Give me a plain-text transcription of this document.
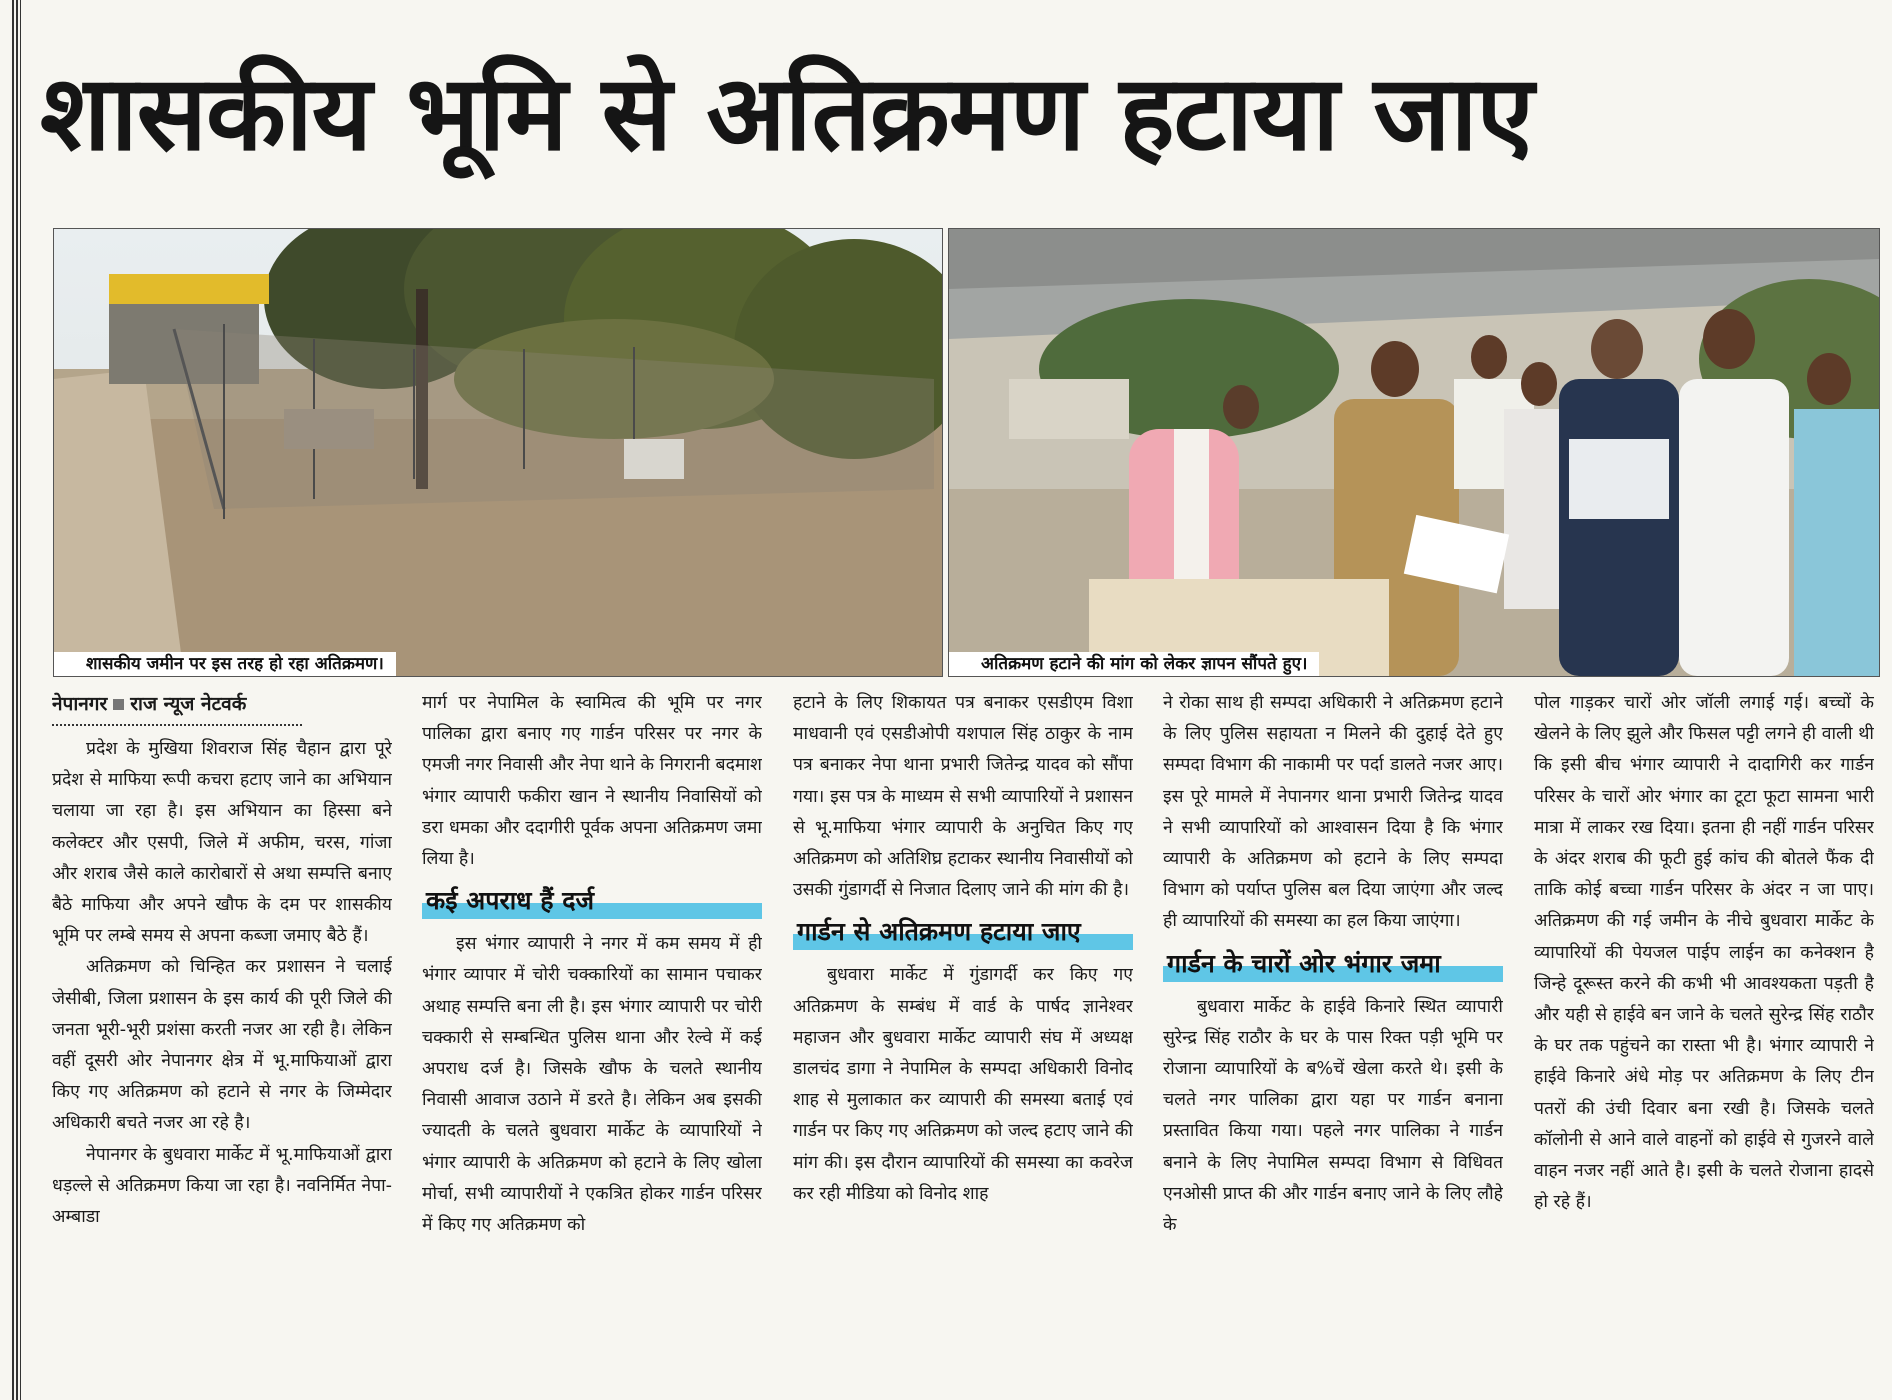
शासकीय भूमि से अतिक्रमण हटाया जाए
शासकीय जमीन पर इस तरह हो रहा अतिक्रमण।	अतिक्रमण हटाने की मांग को लेकर ज्ञापन सौंपते हुए।
नेपानगर राज न्यूज नेटवर्क

प्रदेश के मुखिया शिवराज सिंह चैहान द्वारा पूरे प्रदेश से माफिया रूपी कचरा हटाए जाने का अभियान चलाया जा रहा है। इस अभियान का हिस्सा बने कलेक्टर और एसपी, जिले में अफीम, चरस, गांजा और शराब जैसे काले कारोबारों से अथा सम्पत्ति बनाए बैठे माफिया और अपने खौफ के दम पर शासकीय भूमि पर लम्बे समय से अपना कब्जा जमाए बैठे हैं।

अतिक्रमण को चिन्हित कर प्रशासन ने चलाई जेसीबी, जिला प्रशासन के इस कार्य की पूरी जिले की जनता भूरी-भूरी प्रशंसा करती नजर आ रही है। लेकिन वहीं दूसरी ओर नेपानगर क्षेत्र में भू.माफियाओं द्वारा किए गए अतिक्रमण को हटाने से नगर के जिम्मेदार अधिकारी बचते नजर आ रहे है।

नेपानगर के बुधवारा मार्केट में भू.माफियाओं द्वारा धड़ल्ले से अतिक्रमण किया जा रहा है। नवनिर्मित नेपा-अम्बाडा

मार्ग पर नेपामिल के स्वामित्व की भूमि पर नगर पालिका द्वारा बनाए गए गार्डन परिसर पर नगर के एमजी नगर निवासी और नेपा थाने के निगरानी बदमाश भंगार व्यापारी फकीरा खान ने स्थानीय निवासियों को डरा धमका और ददागीरी पूर्वक अपना अतिक्रमण जमा लिया है।

कई अपराध हैं दर्ज

इस भंगार व्यापारी ने नगर में कम समय में ही भंगार व्यापार में चोरी चक्कारियों का सामान पचाकर अथाह सम्पत्ति बना ली है। इस भंगार व्यापारी पर चोरी चक्कारी से सम्बन्धित पुलिस थाना और रेल्वे में कई अपराध दर्ज है। जिसके खौफ के चलते स्थानीय निवासी आवाज उठाने में डरते है। लेकिन अब इसकी ज्यादती के चलते बुधवारा मार्केट के व्यापारियों ने भंगार व्यापारी के अतिक्रमण को हटाने के लिए खोला मोर्चा, सभी व्यापारीयों ने एकत्रित होकर गार्डन परिसर में किए गए अतिक्रमण को

हटाने के लिए शिकायत पत्र बनाकर एसडीएम विशा माधवानी एवं एसडीओपी यशपाल सिंह ठाकुर के नाम पत्र बनाकर नेपा थाना प्रभारी जितेन्द्र यादव को सौंपा गया। इस पत्र के माध्यम से सभी व्यापारियों ने प्रशासन से भू.माफिया भंगार व्यापारी के अनुचित किए गए अतिक्रमण को अतिशिघ्र हटाकर स्थानीय निवासीयों को उसकी गुंडागर्दी से निजात दिलाए जाने की मांग की है।

गार्डन से अतिक्रमण हटाया जाए

बुधवारा मार्केट में गुंडागर्दी कर किए गए अतिक्रमण के सम्बंध में वार्ड के पार्षद ज्ञानेश्वर महाजन और बुधवारा मार्केट व्यापारी संघ में अध्यक्ष डालचंद डागा ने नेपामिल के सम्पदा अधिकारी विनोद शाह से मुलाकात कर व्यापारी की समस्या बताई एवं गार्डन पर किए गए अतिक्रमण को जल्द हटाए जाने की मांग की। इस दौरान व्यापारियों की समस्या का कवरेज कर रही मीडिया को विनोद शाह

ने रोका साथ ही सम्पदा अधिकारी ने अतिक्रमण हटाने के लिए पुलिस सहायता न मिलने की दुहाई देते हुए सम्पदा विभाग की नाकामी पर पर्दा डालते नजर आए। इस पूरे मामले में नेपानगर थाना प्रभारी जितेन्द्र यादव ने सभी व्यापारियों को आश्वासन दिया है कि भंगार व्यापारी के अतिक्रमण को हटाने के लिए सम्पदा विभाग को पर्याप्त पुलिस बल दिया जाएंगा और जल्द ही व्यापारियों की समस्या का हल किया जाएंगा।

गार्डन के चारों ओर भंगार जमा

बुधवारा मार्केट के हाईवे किनारे स्थित व्यापारी सुरेन्द्र सिंह राठौर के घर के पास रिक्त पड़ी भूमि पर रोजाना व्यापारियों के ब%चें खेला करते थे। इसी के चलते नगर पालिका द्वारा यहा पर गार्डन बनाना प्रस्तावित किया गया। पहले नगर पालिका ने गार्डन बनाने के लिए नेपामिल सम्पदा विभाग से विधिवत एनओसी प्राप्त की और गार्डन बनाए जाने के लिए लौहे के

पोल गाड़कर चारों ओर जॉली लगाई गई। बच्चों के खेलने के लिए झुले और फिसल पट्टी लगने ही वाली थी कि इसी बीच भंगार व्यापारी ने दादागिरी कर गार्डन परिसर के चारों ओर भंगार का टूटा फूटा सामना भारी मात्रा में लाकर रख दिया। इतना ही नहीं गार्डन परिसर के अंदर शराब की फूटी हुई कांच की बोतले फैंक दी ताकि कोई बच्चा गार्डन परिसर के अंदर न जा पाए। अतिक्रमण की गई जमीन के नीचे बुधवारा मार्केट के व्यापारियों की पेयजल पाईप लाईन का कनेक्शन है जिन्हे दूरूस्त करने की कभी भी आवश्यकता पड़ती है और यही से हाईवे बन जाने के चलते सुरेन्द्र सिंह राठौर के घर तक पहुंचने का रास्ता भी है। भंगार व्यापारी ने हाईवे किनारे अंधे मोड़ पर अतिक्रमण के लिए टीन पतरों की उंची दिवार बना रखी है। जिसके चलते कॉलोनी से आने वाले वाहनों को हाईवे से गुजरने वाले वाहन नजर नहीं आते है। इसी के चलते रोजाना हादसे हो रहे हैं।
